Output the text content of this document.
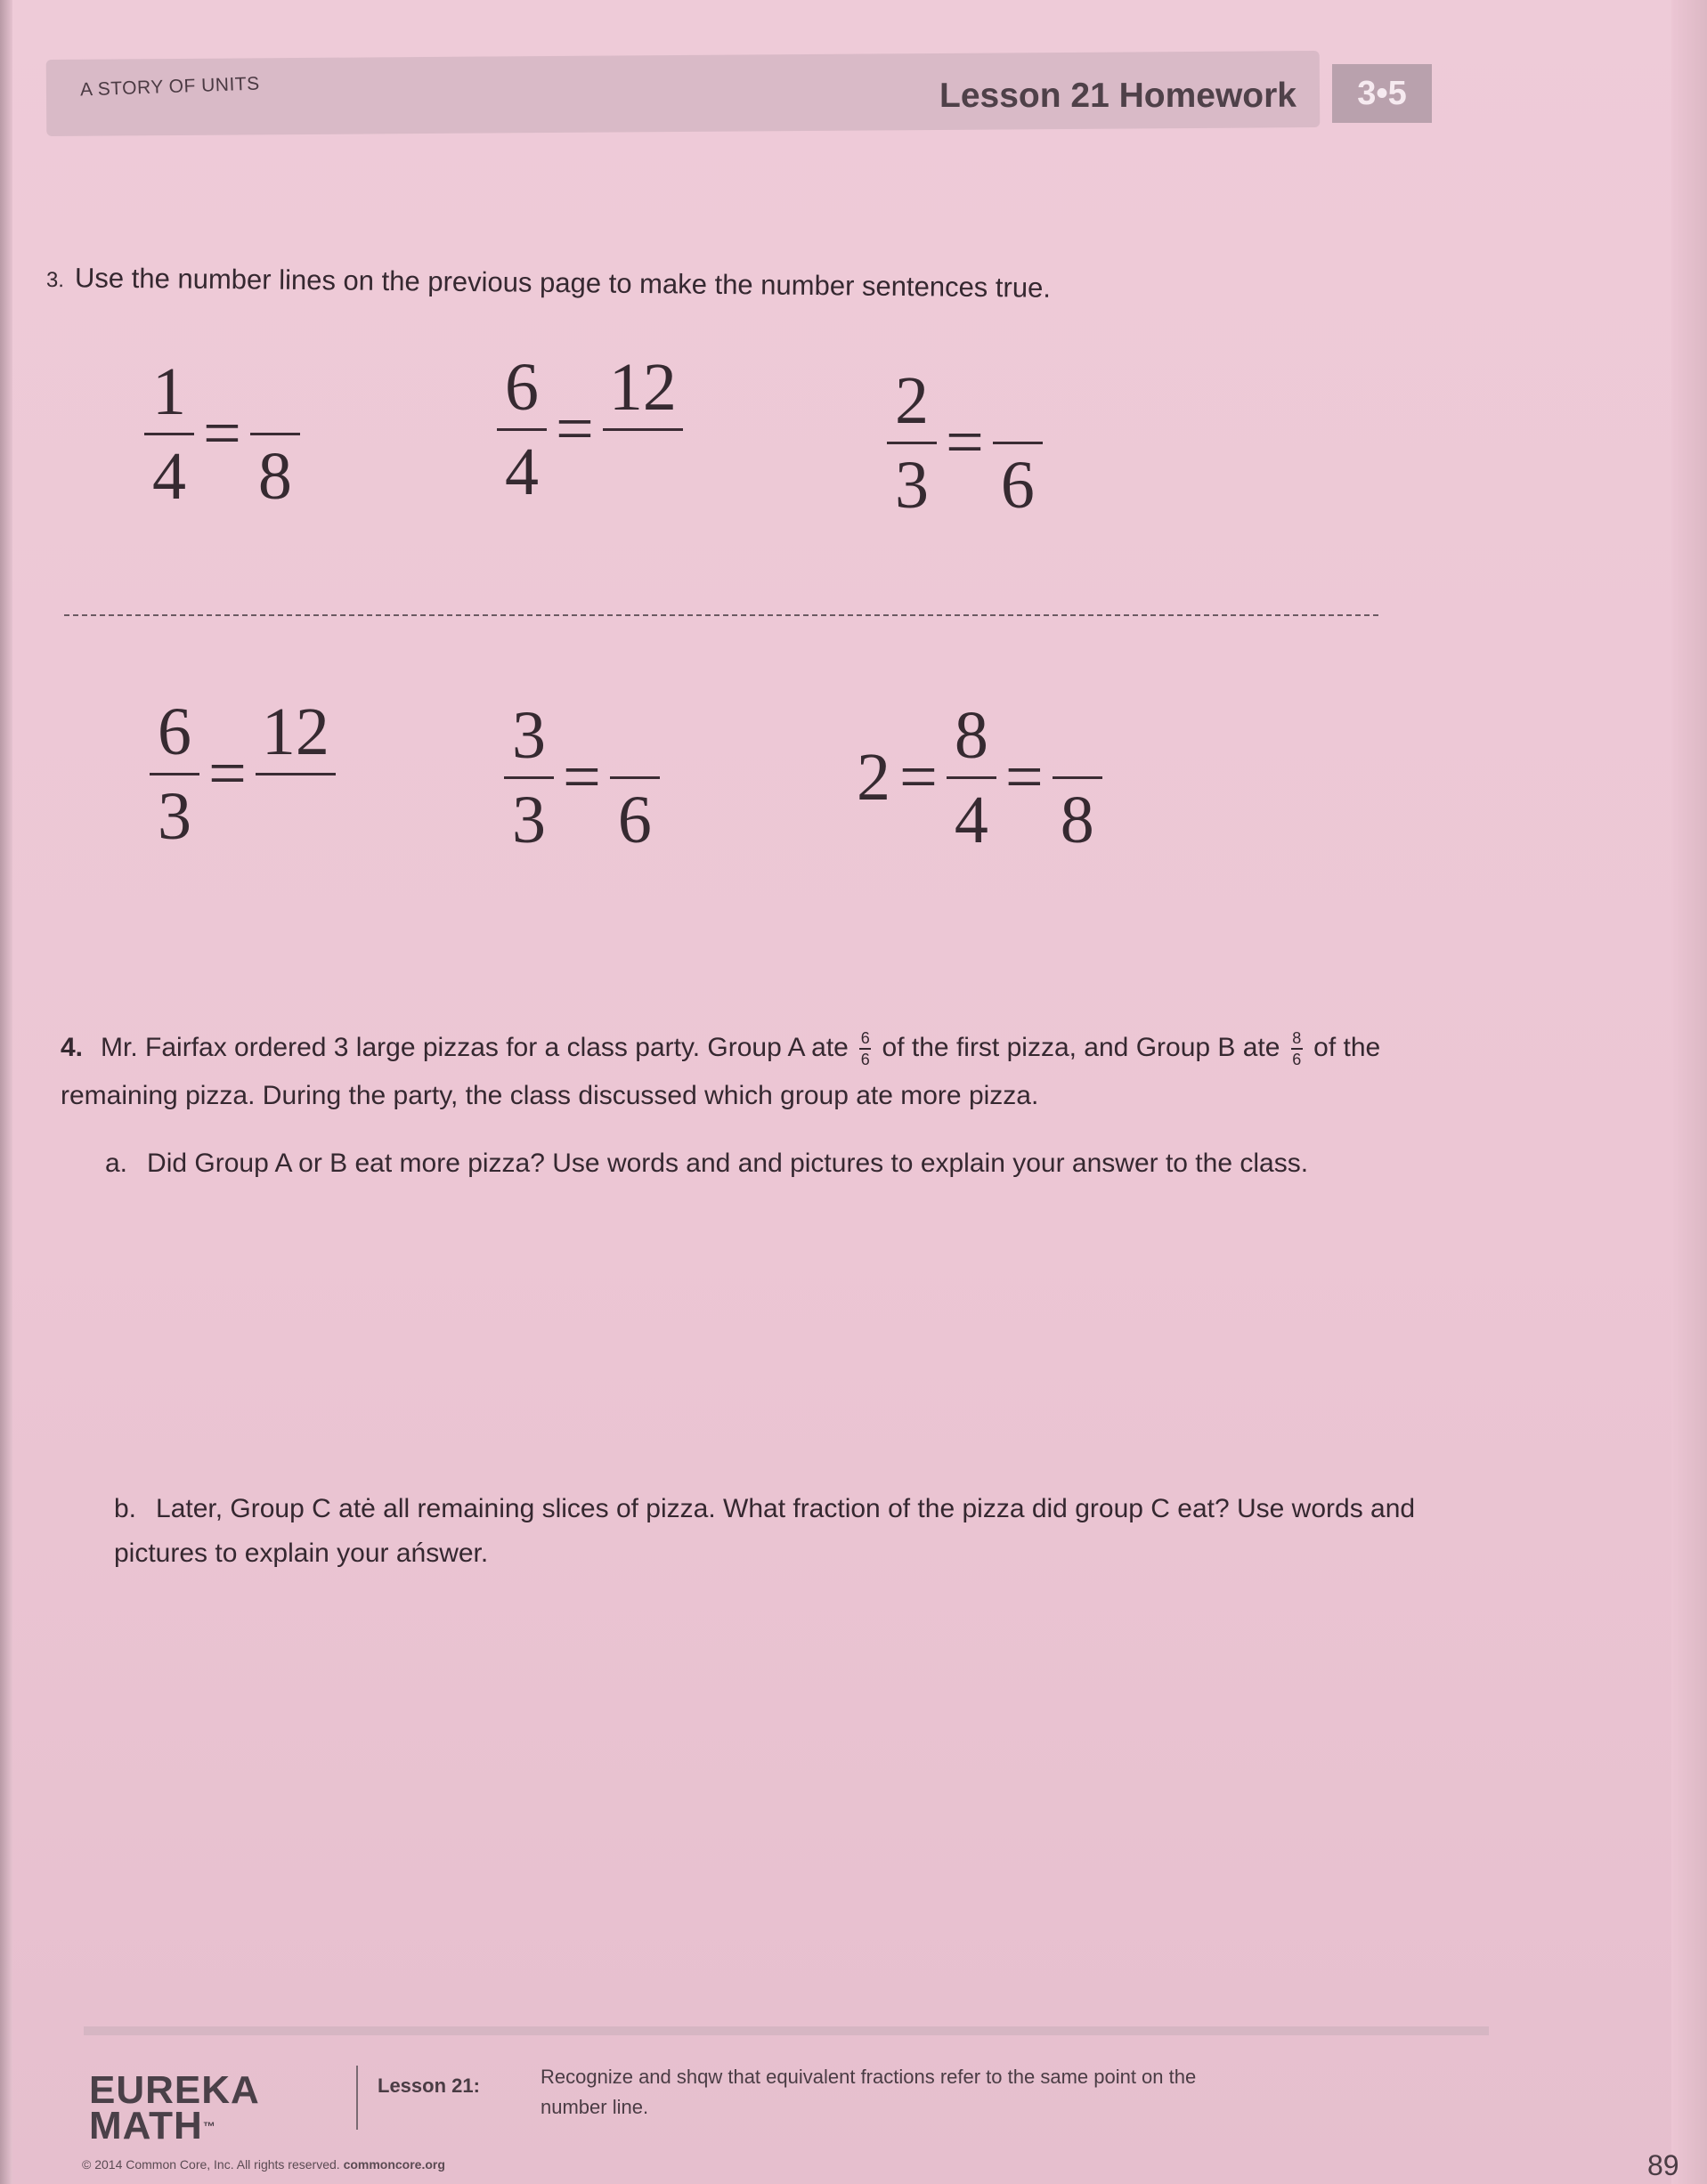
A STORY OF UNITS	Lesson 21 Homework	3•5
3. Use the number lines on the previous page to make the number sentences true.
$\frac{1}{4}$ =
8	$\frac{6}{4}$ =
12	$\frac{2}{3}$ =
6
$\frac{6}{3}$ =
12	$\frac{3}{3}$ =
6
$2 = \frac{8}{4}$ =
8
4. Mr. Fairfax ordered 3 large pizzas for a class party. Group A ate $\frac{6}{6}$ of the first pizza, and Group B ate $\frac{8}{6}$ of the remaining pizza. During the party, the class discussed which group ate more pizza.
a. Did Group A or B eat more pizza? Use words and and pictures to explain your answer to the class.
b. Later, Group C atė all remaining slices of pizza. What fraction of the pizza did group C eat? Use words and pictures to explain your ańswer.
EUREKA
MATH™
Lesson 21:	Recognize and shqw that equivalent fractions refer to the same point on the number line.
© 2014 Common Core, Inc. All rights reserved. commoncore.org	89
